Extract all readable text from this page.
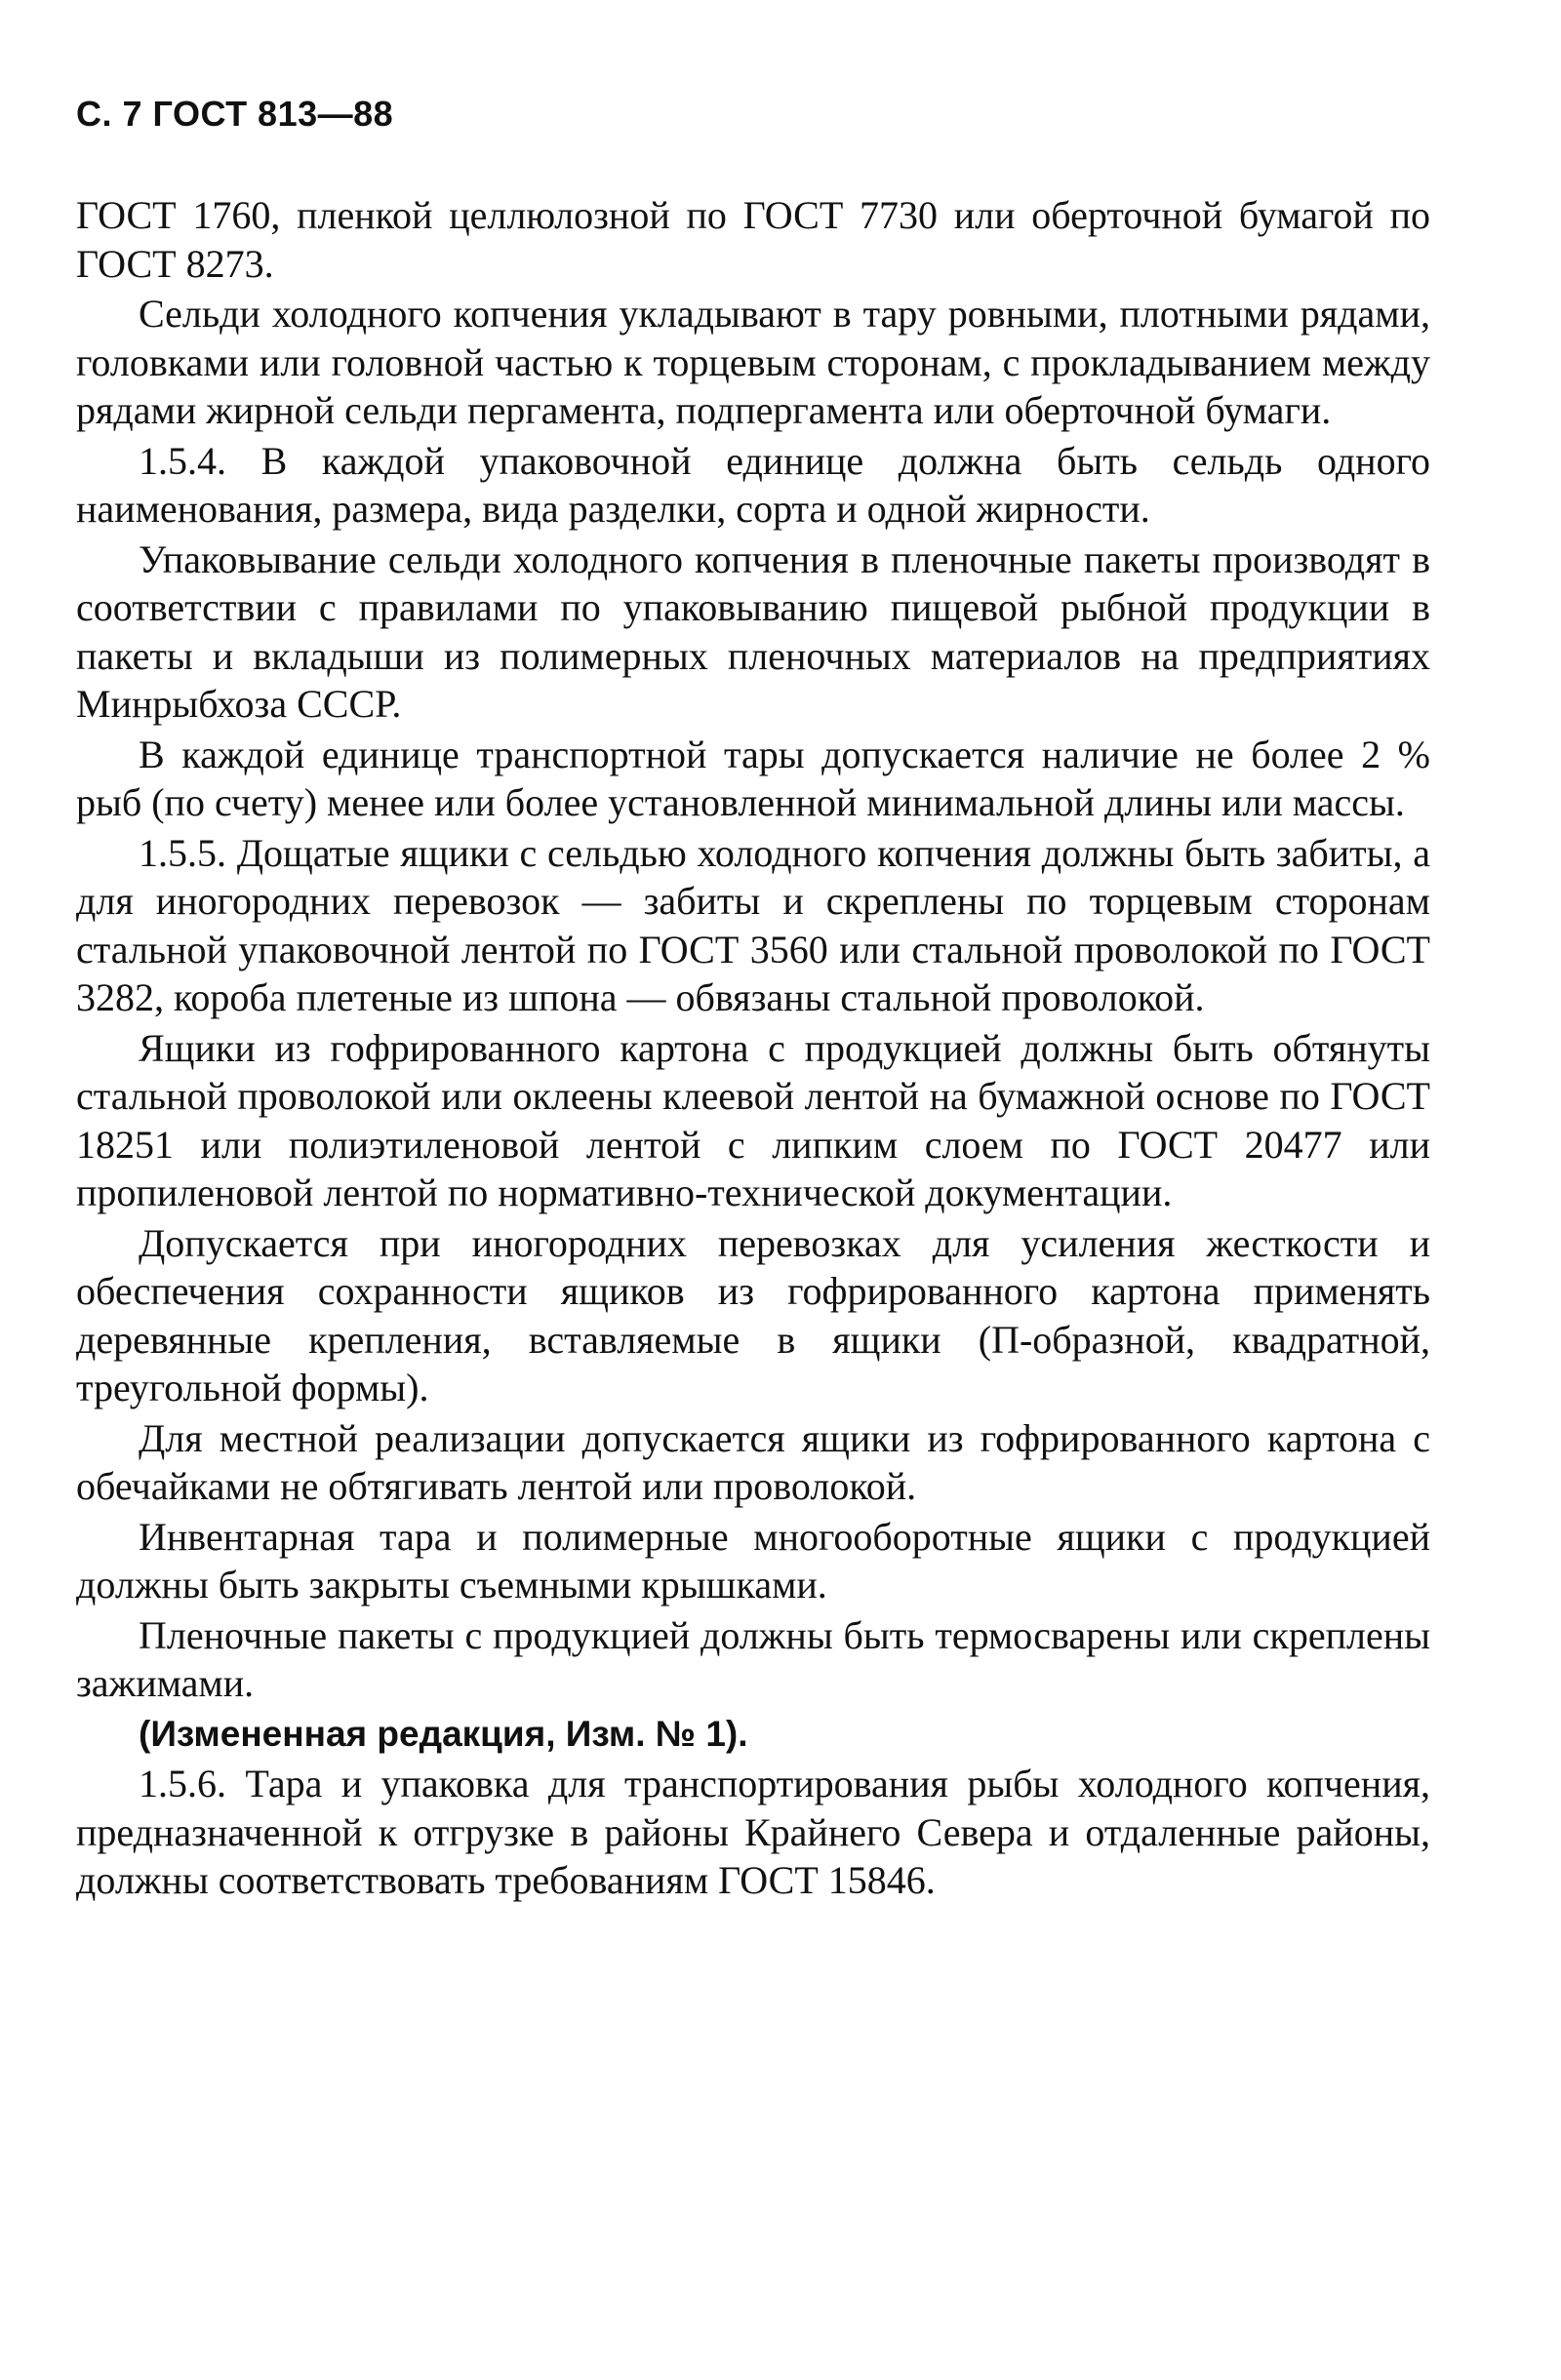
С. 7 ГОСТ 813—88

ГОСТ 1760, пленкой целлюлозной по ГОСТ 7730 или оберточной бумагой по ГОСТ 8273.

Сельди холодного копчения укладывают в тару ровными, плотными рядами, головками или головной частью к торцевым сторонам, с прокладыванием между рядами жирной сельди пергамента, подпергамента или оберточной бумаги.

1.5.4. В каждой упаковочной единице должна быть сельдь одного наименования, размера, вида разделки, сорта и одной жирности.

Упаковывание сельди холодного копчения в пленочные пакеты производят в соответствии с правилами по упаковыванию пищевой рыбной продукции в пакеты и вкладыши из полимерных пленочных материалов на предприятиях Минрыбхоза СССР.

В каждой единице транспортной тары допускается наличие не более 2 % рыб (по счету) менее или более установленной минимальной длины или массы.

1.5.5. Дощатые ящики с сельдью холодного копчения должны быть забиты, а для иногородних перевозок — забиты и скреплены по торцевым сторонам стальной упаковочной лентой по ГОСТ 3560 или стальной проволокой по ГОСТ 3282, короба плетеные из шпона — обвязаны стальной проволокой.

Ящики из гофрированного картона с продукцией должны быть обтянуты стальной проволокой или оклеены клеевой лентой на бумажной основе по ГОСТ 18251 или полиэтиленовой лентой с липким слоем по ГОСТ 20477 или пропиленовой лентой по нормативно-технической документации.

Допускается при иногородних перевозках для усиления жесткости и обеспечения сохранности ящиков из гофрированного картона применять деревянные крепления, вставляемые в ящики (П-образной, квадратной, треугольной формы).

Для местной реализации допускается ящики из гофрированного картона с обечайками не обтягивать лентой или проволокой.

Инвентарная тара и полимерные многооборотные ящики с продукцией должны быть закрыты съемными крышками.

Пленочные пакеты с продукцией должны быть термосварены или скреплены зажимами.

(Измененная редакция, Изм. № 1).

1.5.6. Тара и упаковка для транспортирования рыбы холодного копчения, предназначенной к отгрузке в районы Крайнего Севера и отдаленные районы, должны соответствовать требованиям ГОСТ 15846.
